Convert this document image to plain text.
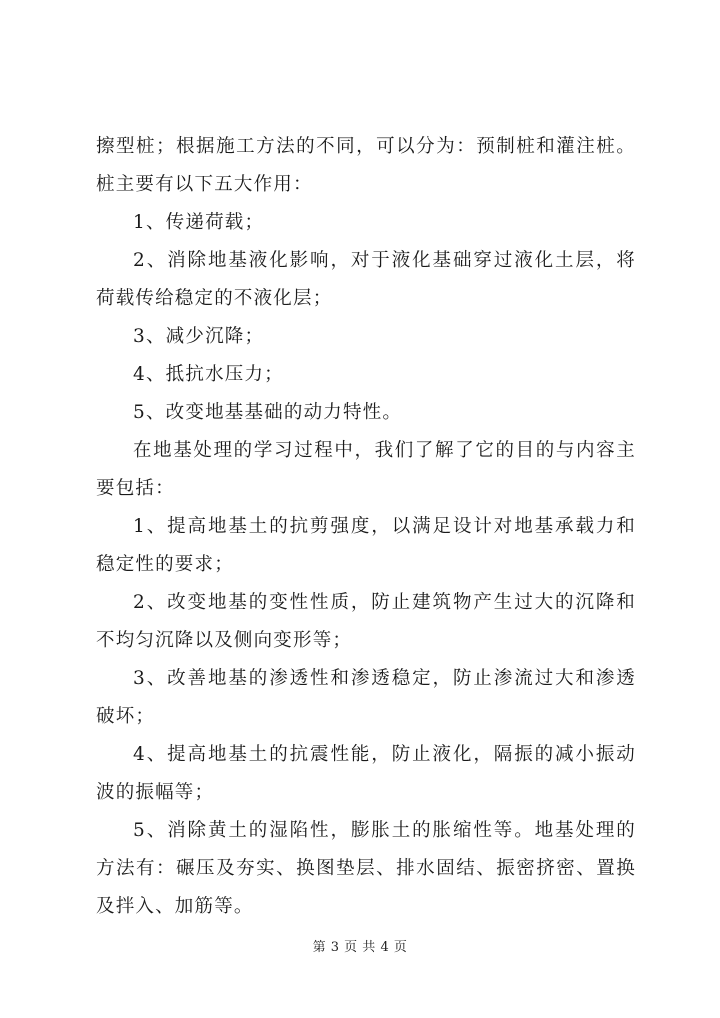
擦型桩；根据施工方法的不同，可以分为：预制桩和灌注桩。桩主要有以下五大作用：

1、传递荷载；

2、消除地基液化影响，对于液化基础穿过液化土层，将荷载传给稳定的不液化层；

3、减少沉降；

4、抵抗水压力；

5、改变地基基础的动力特性。

在地基处理的学习过程中，我们了解了它的目的与内容主要包括：

1、提高地基土的抗剪强度，以满足设计对地基承载力和稳定性的要求；

2、改变地基的变性性质，防止建筑物产生过大的沉降和不均匀沉降以及侧向变形等；

3、改善地基的渗透性和渗透稳定，防止渗流过大和渗透破坏；

4、提高地基土的抗震性能，防止液化，隔振的减小振动波的振幅等；

5、消除黄土的湿陷性，膨胀土的胀缩性等。地基处理的方法有：碾压及夯实、换图垫层、排水固结、振密挤密、置换及拌入、加筋等。

第 3 页 共 4 页
